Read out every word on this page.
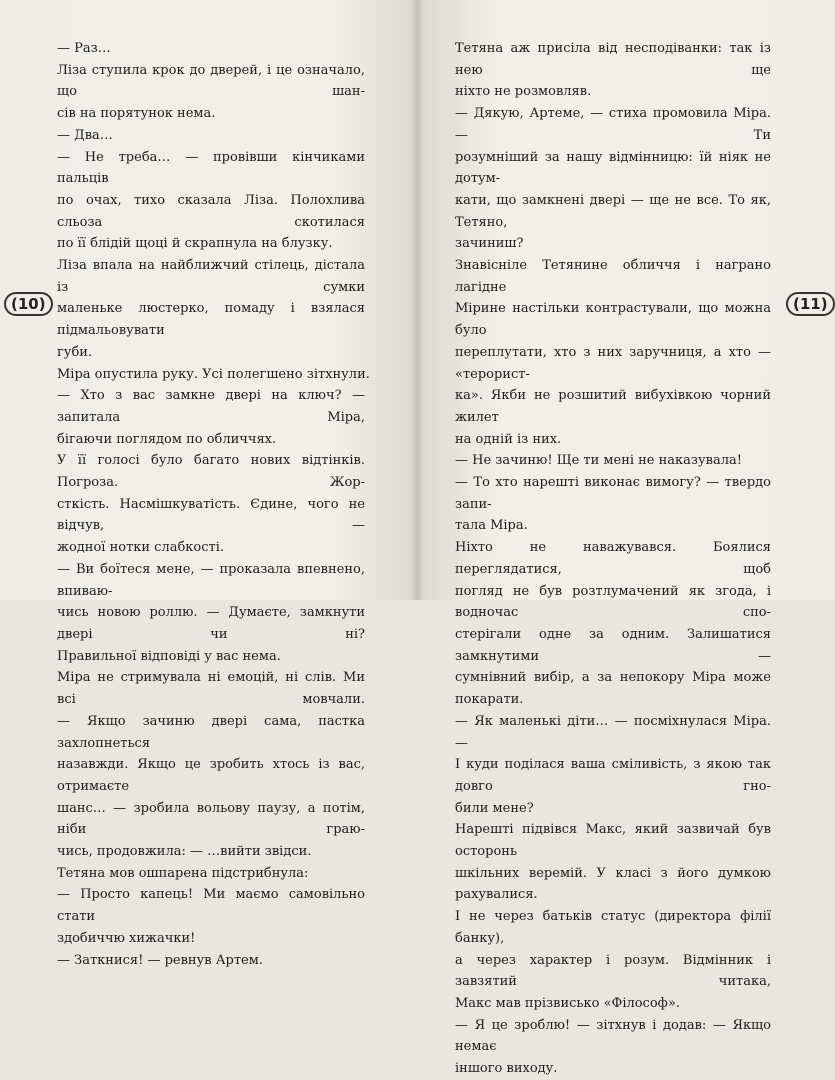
(10)
— Раз…
Ліза ступила крок до дверей, і це означало, що шан-
сів на порятунок нема.
— Два…
— Не треба… — провівши кінчиками пальців
по очах, тихо сказала Ліза. Полохлива сльоза скотилася
по її блідій щоці й скрапнула на блузку.
Ліза впала на найближчий стілець, дістала із сумки
маленьке люстерко, помаду і взялася підмальовувати
губи.
Міра опустила руку. Усі полегшено зітхнули.
— Хто з вас замкне двері на ключ? — запитала Міра,
бігаючи поглядом по обличчях.
У її голосі було багато нових відтінків. Погроза. Жор-
сткість. Насмішкуватість. Єдине, чого не відчув, —
жодної нотки слабкості.
— Ви боїтеся мене, — проказала впевнено, впиваю-
чись новою роллю. — Думаєте, замкнути двері чи ні?
Правильної відповіді у вас нема.
Міра не стримувала ні емоцій, ні слів. Ми всі мовчали.
— Якщо зачиню двері сама, пастка захлопнеться
назавжди. Якщо це зробить хтось із вас, отримаєте
шанс… — зробила вольову паузу, а потім, ніби граю-
чись, продовжила: — …вийти звідси.
Тетяна мов ошпарена підстрибнула:
— Просто капець! Ми маємо самовільно стати
здобиччю хижачки!
— Заткнися! — ревнув Артем.
(11)
Тетяна аж присіла від несподіванки: так із нею ще
ніхто не розмовляв.
— Дякую, Артеме, — стиха промовила Міра. — Ти
розумніший за нашу відмінницю: їй ніяк не дотум-
кати, що замкнені двері — ще не все. То як, Тетяно,
зачиниш?
Знавісніле Тетянине обличчя і награно лагідне
Мірине настільки контрастували, що можна було
переплутати, хто з них заручниця, а хто — «терорист-
ка». Якби не розшитий вибухівкою чорний жилет
на одній із них.
— Не зачиню! Ще ти мені не наказувала!
— То хто нарешті виконає вимогу? — твердо запи-
тала Міра.
Ніхто не наважувався. Боялися переглядатися, щоб
погляд не був розтлумачений як згода, і водночас спо-
стерігали одне за одним. Залишатися замкнутими —
сумнівний вибір, а за непокору Міра може покарати.
— Як маленькі діти… — посміхнулася Міра. —
І куди поділася ваша сміливість, з якою так довго гно-
били мене?
Нарешті підвівся Макс, який зазвичай був осторонь
шкільних веремій. У класі з його думкою рахувалися.
І не через батьків статус (директора філії банку),
а через характер і розум. Відмінник і завзятий читака,
Макс мав прізвисько «Філософ».
— Я це зроблю! — зітхнув і додав: — Якщо немає
іншого виходу.
